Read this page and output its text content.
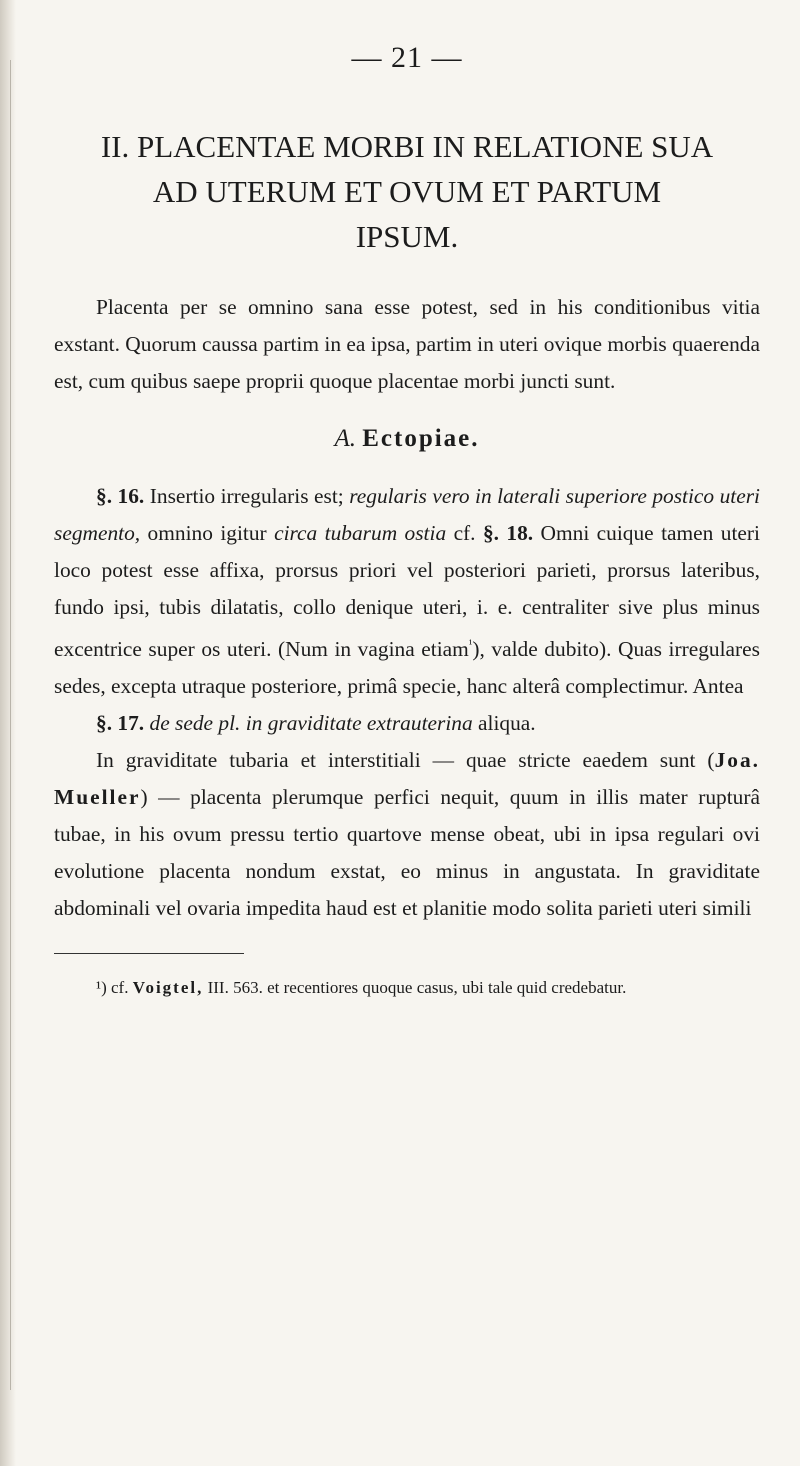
— 21 —
II. PLACENTAE MORBI IN RELATIONE SUA
AD UTERUM ET OVUM ET PARTUM
IPSUM.

Placenta per se omnino sana esse potest, sed in his conditionibus vitia exstant. Quorum caussa partim in ea ipsa, partim in uteri ovique morbis quaerenda est, cum quibus saepe proprii quoque placentae morbi juncti sunt.

A. Ectopiae.

§. 16. Insertio irregularis est; regularis vero in laterali superiore postico uteri segmento, omnino igitur circa tubarum ostia cf. §. 18. Omni cuique tamen uteri loco potest esse affixa, prorsus priori vel posteriori parieti, prorsus lateribus, fundo ipsi, tubis dilatatis, collo denique uteri, i. e. centraliter sive plus minus excentrice super os uteri. (Num in vagina etiam$^{^1}$), valde dubito). Quas irregulares sedes, excepta utraque posteriore, primâ specie, hanc alterâ complectimur. Antea

§. 17. de sede pl. in graviditate extrauterina aliqua.

In graviditate tubaria et interstitiali — quae stricte eaedem sunt (Joa. Mueller) — placenta plerumque perfici nequit, quum in illis mater rupturâ tubae, in his ovum pressu tertio quartove mense obeat, ubi in ipsa regulari ovi evolutione placenta nondum exstat, eo minus in angustata. In graviditate abdominali vel ovaria impedita haud est et planitie modo solita parieti uteri simili

¹) cf. Voigtel, III. 563. et recentiores quoque casus, ubi tale quid credebatur.
